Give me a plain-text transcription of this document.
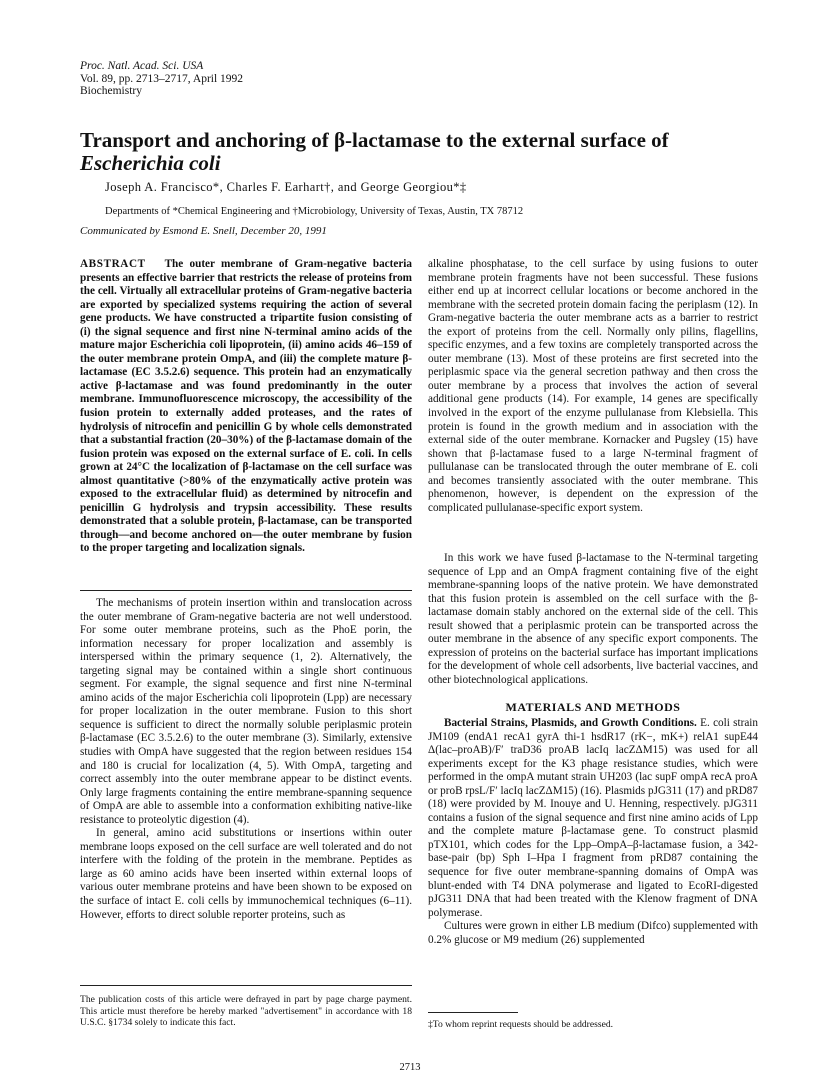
Proc. Natl. Acad. Sci. USA
Vol. 89, pp. 2713–2717, April 1992
Biochemistry
Transport and anchoring of β-lactamase to the external surface of
Escherichia coli
Joseph A. Francisco*, Charles F. Earhart†, and George Georgiou*‡
Departments of *Chemical Engineering and †Microbiology, University of Texas, Austin, TX 78712
Communicated by Esmond E. Snell, December 20, 1991

ABSTRACT The outer membrane of Gram-negative bacteria presents an effective barrier that restricts the release of proteins from the cell. Virtually all extracellular proteins of Gram-negative bacteria are exported by specialized systems requiring the action of several gene products. We have constructed a tripartite fusion consisting of (i) the signal sequence and first nine N-terminal amino acids of the mature major Escherichia coli lipoprotein, (ii) amino acids 46–159 of the outer membrane protein OmpA, and (iii) the complete mature β-lactamase (EC 3.5.2.6) sequence. This protein had an enzymatically active β-lactamase and was found predominantly in the outer membrane. Immunofluorescence microscopy, the accessibility of the fusion protein to externally added proteases, and the rates of hydrolysis of nitrocefin and penicillin G by whole cells demonstrated that a substantial fraction (20–30%) of the β-lactamase domain of the fusion protein was exposed on the external surface of E. coli. In cells grown at 24°C the localization of β-lactamase on the cell surface was almost quantitative (>80% of the enzymatically active protein was exposed to the extracellular fluid) as determined by nitrocefin and penicillin G hydrolysis and trypsin accessibility. These results demonstrated that a soluble protein, β-lactamase, can be transported through—and become anchored on—the outer membrane by fusion to the proper targeting and localization signals.

The mechanisms of protein insertion within and translocation across the outer membrane of Gram-negative bacteria are not well understood. For some outer membrane proteins, such as the PhoE porin, the information necessary for proper localization and assembly is interspersed within the primary sequence (1, 2). Alternatively, the targeting signal may be contained within a single short continuous segment. For example, the signal sequence and first nine N-terminal amino acids of the major Escherichia coli lipoprotein (Lpp) are necessary for proper localization in the outer membrane. Fusion to this short sequence is sufficient to direct the normally soluble periplasmic protein β-lactamase (EC 3.5.2.6) to the outer membrane (3). Similarly, extensive studies with OmpA have suggested that the region between residues 154 and 180 is crucial for localization (4, 5). With OmpA, targeting and correct assembly into the outer membrane appear to be distinct events. Only large fragments containing the entire membrane-spanning sequence of OmpA are able to assemble into a conformation exhibiting native-like resistance to proteolytic digestion (4).

In general, amino acid substitutions or insertions within outer membrane loops exposed on the cell surface are well tolerated and do not interfere with the folding of the protein in the membrane. Peptides as large as 60 amino acids have been inserted within external loops of various outer membrane proteins and have been shown to be exposed on the surface of intact E. coli cells by immunochemical techniques (6–11). However, efforts to direct soluble reporter proteins, such as

alkaline phosphatase, to the cell surface by using fusions to outer membrane protein fragments have not been successful. These fusions either end up at incorrect cellular locations or become anchored in the membrane with the secreted protein domain facing the periplasm (12). In Gram-negative bacteria the outer membrane acts as a barrier to restrict the export of proteins from the cell. Normally only pilins, flagellins, specific enzymes, and a few toxins are completely transported across the outer membrane (13). Most of these proteins are first secreted into the periplasmic space via the general secretion pathway and then cross the outer membrane by a process that involves the action of several additional gene products (14). For example, 14 genes are specifically involved in the export of the enzyme pullulanase from Klebsiella. This protein is found in the growth medium and in association with the external side of the outer membrane. Kornacker and Pugsley (15) have shown that β-lactamase fused to a large N-terminal fragment of pullulanase can be translocated through the outer membrane of E. coli and becomes transiently associated with the outer membrane. This phenomenon, however, is dependent on the expression of the complicated pullulanase-specific export system.

In this work we have fused β-lactamase to the N-terminal targeting sequence of Lpp and an OmpA fragment containing five of the eight membrane-spanning loops of the native protein. We have demonstrated that this fusion protein is assembled on the cell surface with the β-lactamase domain stably anchored on the external side of the cell. This result showed that a periplasmic protein can be transported across the outer membrane in the absence of any specific export components. The expression of proteins on the bacterial surface has important implications for the development of whole cell adsorbents, live bacterial vaccines, and other biotechnological applications.

MATERIALS AND METHODS

Bacterial Strains, Plasmids, and Growth Conditions. E. coli strain JM109 (endA1 recA1 gyrA thi-1 hsdR17 (rK−, mK+) relA1 supE44 Δ(lac–proAB)/F′ traD36 proAB lacIq lacZΔM15) was used for all experiments except for the K3 phage resistance studies, which were performed in the ompA mutant strain UH203 (lac supF ompA recA proA or proB rpsL/F′ lacIq lacZΔM15) (16). Plasmids pJG311 (17) and pRD87 (18) were provided by M. Inouye and U. Henning, respectively. pJG311 contains a fusion of the signal sequence and first nine amino acids of Lpp and the complete mature β-lactamase gene. To construct plasmid pTX101, which codes for the Lpp–OmpA–β-lactamase fusion, a 342-base-pair (bp) Sph I–Hpa I fragment from pRD87 containing the sequence for five outer membrane-spanning domains of OmpA was blunt-ended with T4 DNA polymerase and ligated to EcoRI-digested pJG311 DNA that had been treated with the Klenow fragment of DNA polymerase.

Cultures were grown in either LB medium (Difco) supplemented with 0.2% glucose or M9 medium (26) supplemented

The publication costs of this article were defrayed in part by page charge payment. This article must therefore be hereby marked "advertisement" in accordance with 18 U.S.C. §1734 solely to indicate this fact.	‡To whom reprint requests should be addressed.
2713
